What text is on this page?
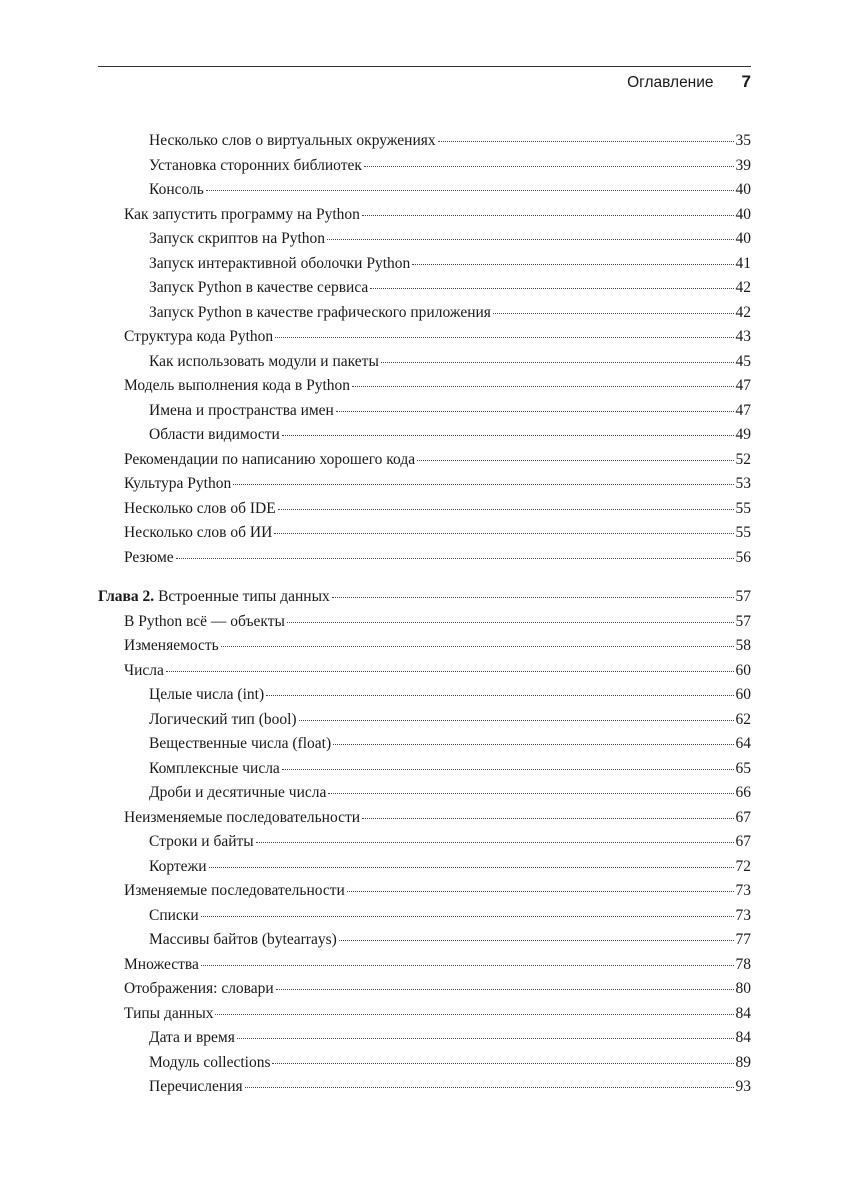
Оглавление 7
Несколько слов о виртуальных окружениях	35
Установка сторонних библиотек	39
Консоль	40
Как запустить программу на Python	40
Запуск скриптов на Python	40
Запуск интерактивной оболочки Python	41
Запуск Python в качестве сервиса	42
Запуск Python в качестве графического приложения	42
Структура кода Python	43
Как использовать модули и пакеты	45
Модель выполнения кода в Python	47
Имена и пространства имен	47
Области видимости	49
Рекомендации по написанию хорошего кода	52
Культура Python	53
Несколько слов об IDE	55
Несколько слов об ИИ	55
Резюме	56
Глава 2. Встроенные типы данных	57
В Python всё — объекты	57
Изменяемость	58
Числа	60
Целые числа (int)	60
Логический тип (bool)	62
Вещественные числа (float)	64
Комплексные числа	65
Дроби и десятичные числа	66
Неизменяемые последовательности	67
Строки и байты	67
Кортежи	72
Изменяемые последовательности	73
Списки	73
Массивы байтов (bytearrays)	77
Множества	78
Отображения: словари	80
Типы данных	84
Дата и время	84
Модуль collections	89
Перечисления	93
